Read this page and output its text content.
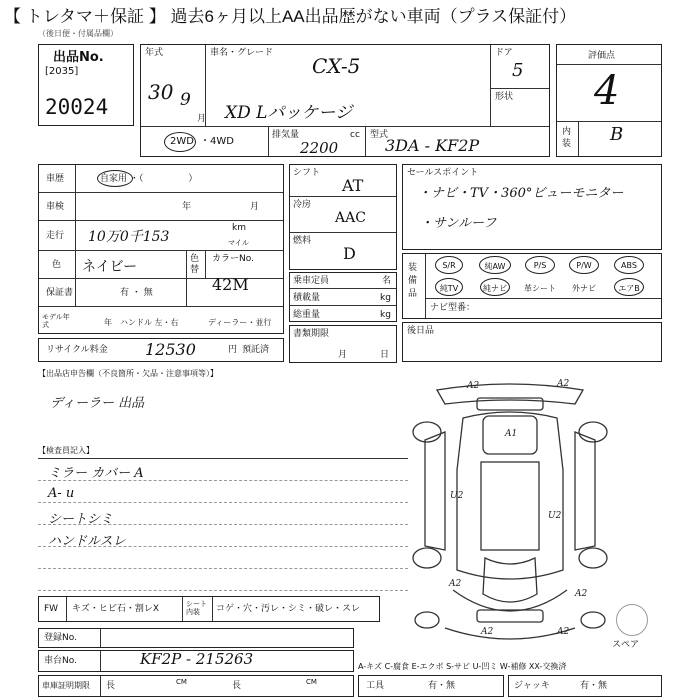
【 トレタマ＋保証 】 過去6ヶ月以上AA出品歴がない車両（プラス保証付）
（後日便・付属品欄）
出品No.
[2035]
20024
年式
30 9
月
車名・グレード
CX-5
XD Lパッケージ
ドア
5
形状
2WD ・4WD
排気量	cc
2200
型式
3DA - KF2P
評価点
4
内装 B
車歴	自家用 ・（　　　　　）
車検	年	月
走行 10万0千153
km
マイル
色 ネイビー	色替
カラーNo.
42M
保証書	有 ・ 無
モデル年式	年 ハンドル 左・右	ディーラー・並行
リサイクル料金 12530	円 預託済
シフト
AT
冷房
AAC
燃料
D
乗車定員	名
積載量	kg
総重量	kg
書類期限
月	日
セールスポイント
・ナビ・TV・360°ビューモニター
・サンルーフ
装備品
S/R	純AW	P/S	P/W	ABS
純TV	純ナビ	革シート	外ナビ	エアB
ナビ型番：
後日品
【出品店申告欄（不良箇所・欠品・注意事項等）】
ディーラー 出品
【検査員記入】
ミラー カバー A
A- u
シートシミ
ハンドルスレ
FW キズ・ヒビ石・割レX	シート内装	コゲ・穴・汚レ・シミ・破レ・スレ
登録No.
車台No.	KF2P - 215263
車庫証明期限 長	CM	長	CM
A-キズ C-腐食 E-エクボ S-サビ U-凹ミ W-補修 XX-交換済
工具	有・無	ジャッキ	有・無
スペア
A2	A2
A1
U2
U2
A2
A2
A2	A2
